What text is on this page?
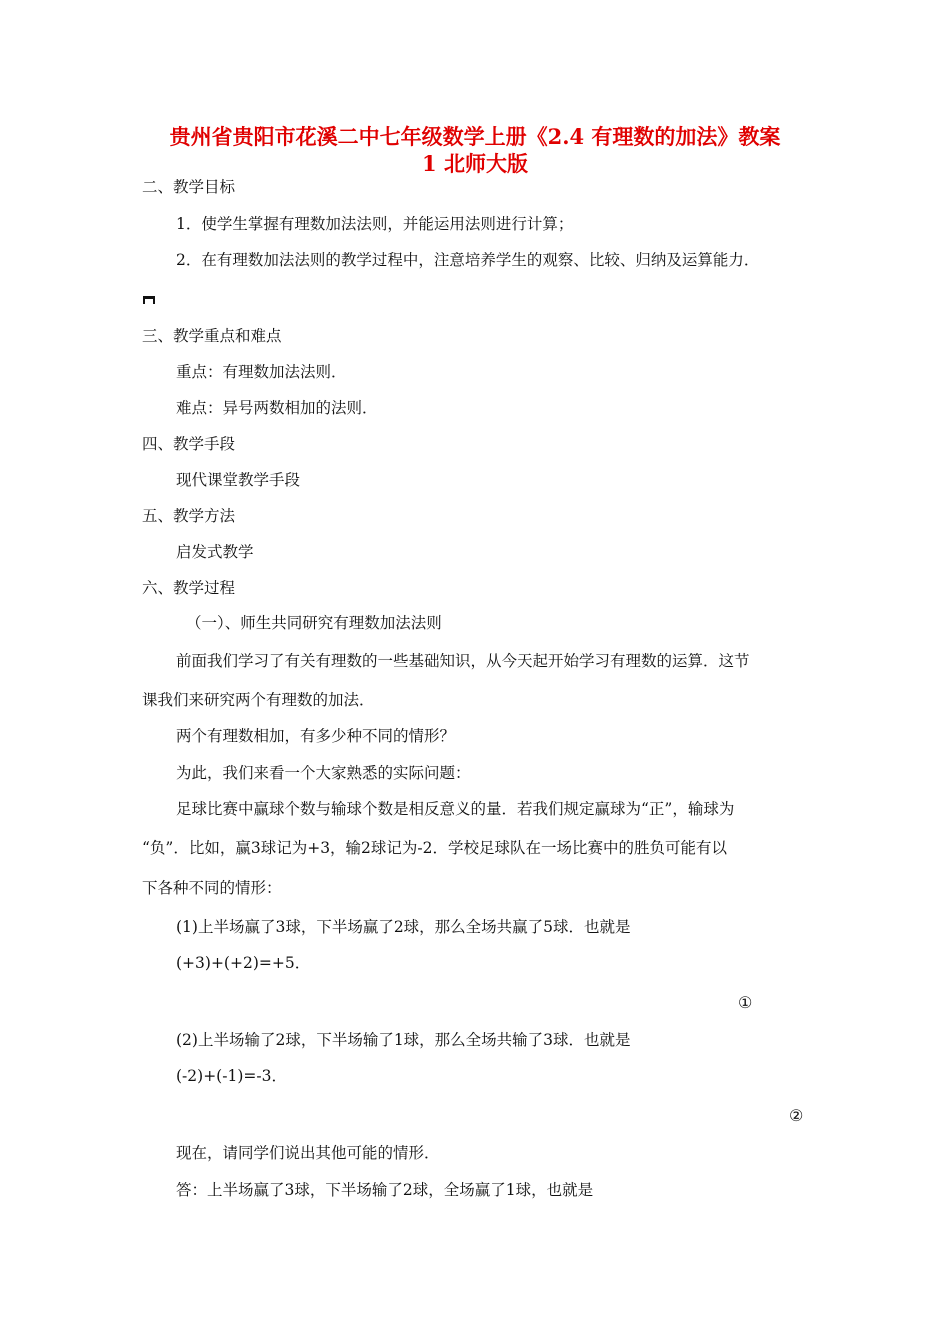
贵州省贵阳市花溪二中七年级数学上册《2.4 有理数的加法》教案
1 北师大版
二、教学目标
1．使学生掌握有理数加法法则，并能运用法则进行计算；
2．在有理数加法法则的教学过程中，注意培养学生的观察、比较、归纳及运算能力．
三、教学重点和难点
重点：有理数加法法则．
难点：异号两数相加的法则．
四、教学手段
现代课堂教学手段
五、教学方法
启发式教学
六、教学过程
（一）、师生共同研究有理数加法法则
前面我们学习了有关有理数的一些基础知识，从今天起开始学习有理数的运算．这节
课我们来研究两个有理数的加法．
两个有理数相加，有多少种不同的情形？
为此，我们来看一个大家熟悉的实际问题：
足球比赛中赢球个数与输球个数是相反意义的量．若我们规定赢球为“正”，输球为
“负”．比如，赢3球记为+3，输2球记为-2．学校足球队在一场比赛中的胜负可能有以
下各种不同的情形：
(1)上半场赢了3球，下半场赢了2球，那么全场共赢了5球．也就是
(+3)+(+2)=+5．
①
(2)上半场输了2球，下半场输了1球，那么全场共输了3球．也就是
(-2)+(-1)=-3．
②
现在，请同学们说出其他可能的情形．
答：上半场赢了3球，下半场输了2球，全场赢了1球，也就是
